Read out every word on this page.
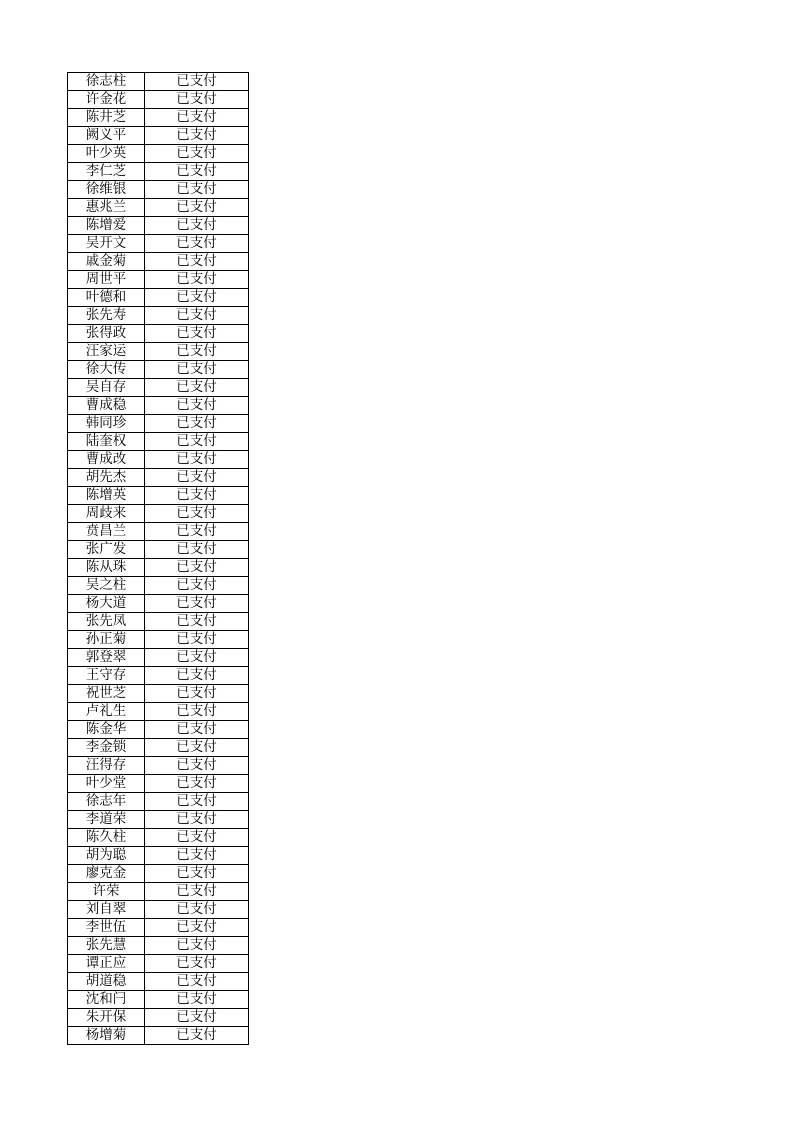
徐志柱	已支付
许金花	已支付
陈井芝	已支付
阙义平	已支付
叶少英	已支付
李仁芝	已支付
徐维银	已支付
惠兆兰	已支付
陈增爱	已支付
吴开文	已支付
戚金菊	已支付
周世平	已支付
叶德和	已支付
张先寿	已支付
张得政	已支付
汪家运	已支付
徐大传	已支付
吴自存	已支付
曹成稳	已支付
韩同珍	已支付
陆奎权	已支付
曹成改	已支付
胡先杰	已支付
陈增英	已支付
周歧来	已支付
贲昌兰	已支付
张广发	已支付
陈从珠	已支付
吴之柱	已支付
杨大道	已支付
张先凤	已支付
孙正菊	已支付
郭登翠	已支付
王守存	已支付
祝世芝	已支付
卢礼生	已支付
陈金华	已支付
李金锁	已支付
汪得存	已支付
叶少堂	已支付
徐志年	已支付
李道荣	已支付
陈久柱	已支付
胡为聪	已支付
廖克金	已支付
许荣	已支付
刘自翠	已支付
李世伍	已支付
张先慧	已支付
谭正应	已支付
胡道稳	已支付
沈和闩	已支付
朱开保	已支付
杨增菊	已支付
